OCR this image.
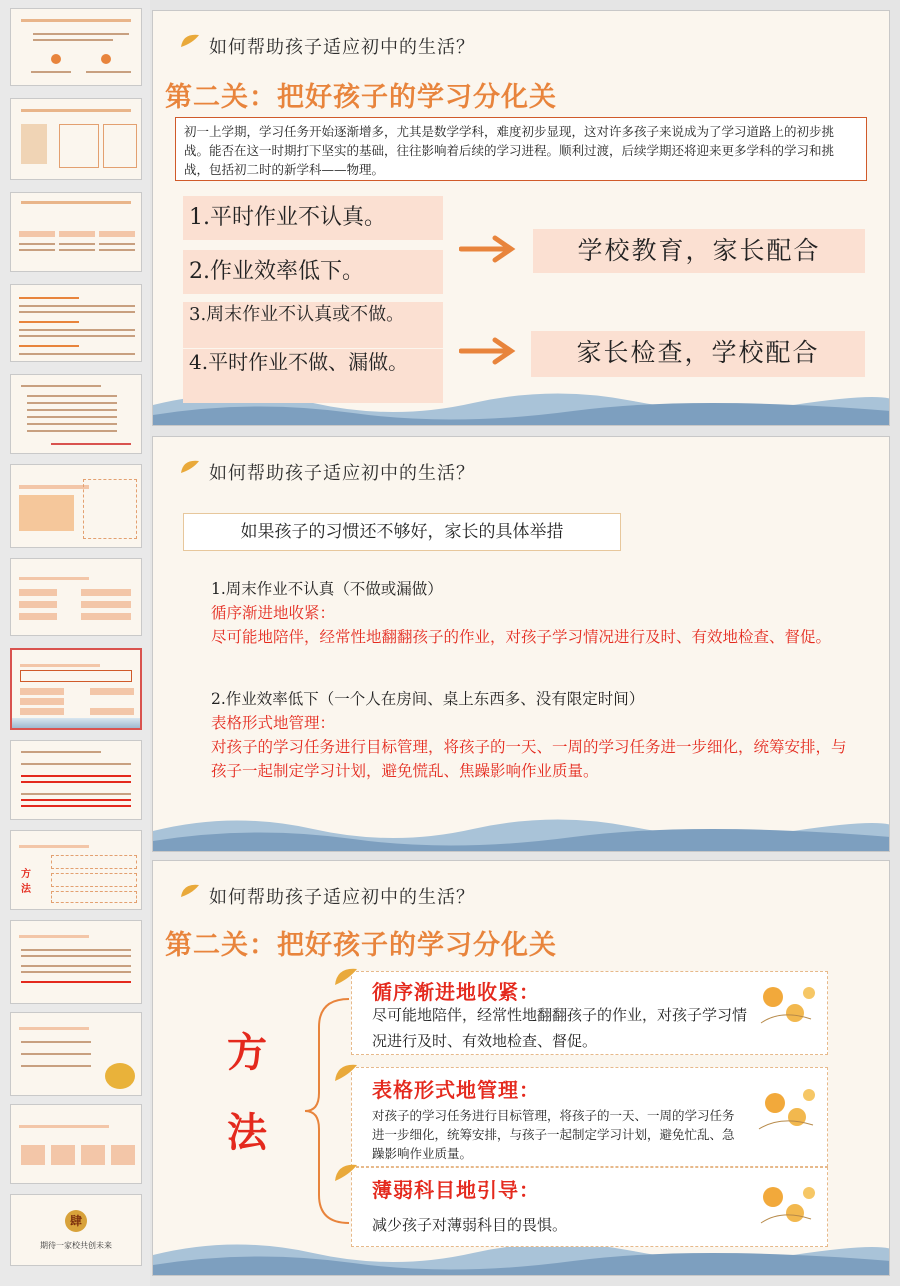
方
法
肆
期待一家校共创未来
如何帮助孩子适应初中的生活？
第二关：把好孩子的学习分化关
初一上学期，学习任务开始逐渐增多，尤其是数学学科，难度初步显现，这对许多孩子来说成为了学习道路上的初步挑战。能否在这一时期打下坚实的基础，往往影响着后续的学习进程。顺利过渡，后续学期还将迎来更多学科的学习和挑战，包括初二时的新学科——物理。
1.平时作业不认真。
2.作业效率低下。
3.周末作业不认真或不做。
4.平时作业不做、漏做。
学校教育，家长配合
家长检查，学校配合
如何帮助孩子适应初中的生活？
如果孩子的习惯还不够好，家长的具体举措
1.周末作业不认真（不做或漏做）
循序渐进地收紧：
尽可能地陪伴，经常性地翻翻孩子的作业，对孩子学习情况进行及时、有效地检查、督促。
2.作业效率低下（一个人在房间、桌上东西多、没有限定时间）
表格形式地管理：
对孩子的学习任务进行目标管理，将孩子的一天、一周的学习任务进一步细化，统筹安排，与孩子一起制定学习计划，避免慌乱、焦躁影响作业质量。
如何帮助孩子适应初中的生活？
第二关：把好孩子的学习分化关
方
法
循序渐进地收紧：
尽可能地陪伴，经常性地翻翻孩子的作业，对孩子学习情况进行及时、有效地检查、督促。
表格形式地管理：
对孩子的学习任务进行目标管理，将孩子的一天、一周的学习任务进一步细化，统筹安排，与孩子一起制定学习计划，避免忙乱、急躁影响作业质量。
薄弱科目地引导：
减少孩子对薄弱科目的畏惧。
